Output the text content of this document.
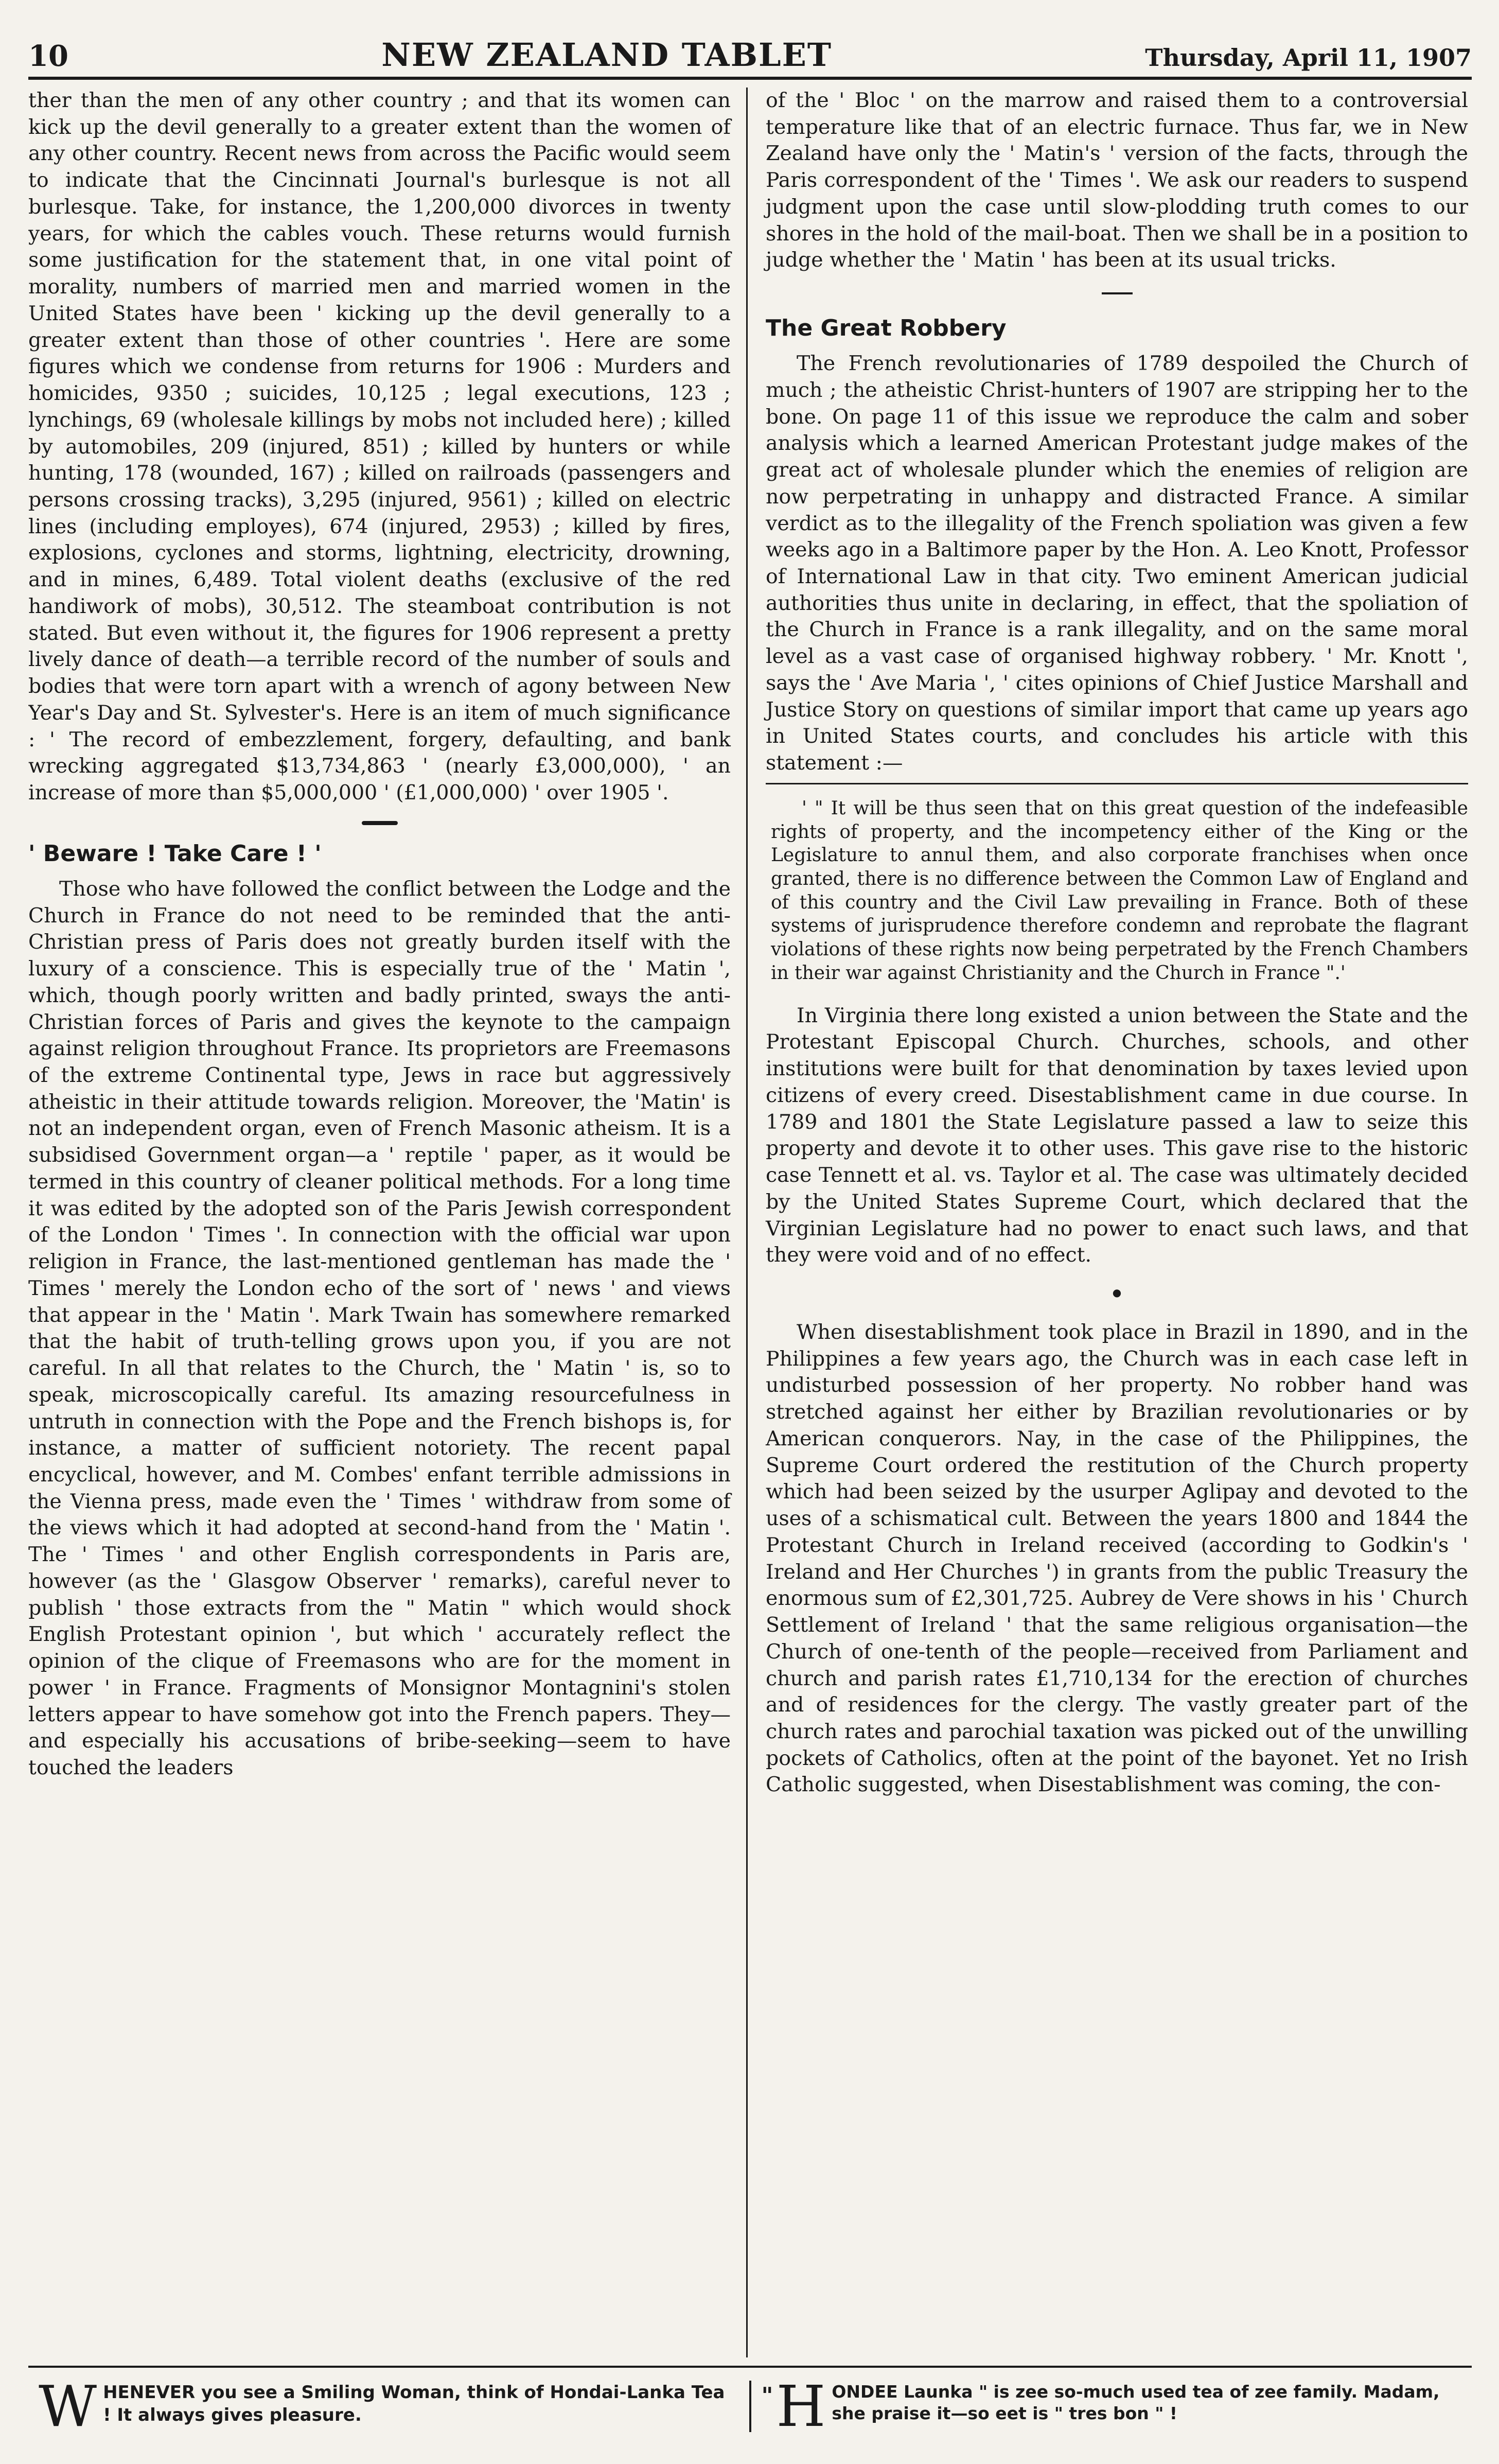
10	NEW ZEALAND TABLET	Thursday, April 11, 1907

ther than the men of any other country ; and that its women can kick up the devil generally to a greater extent than the women of any other country. Recent news from across the Pacific would seem to indicate that the Cincinnati Journal's burlesque is not all burlesque. Take, for instance, the 1,200,000 divorces in twenty years, for which the cables vouch. These returns would furnish some justification for the statement that, in one vital point of morality, numbers of married men and married women in the United States have been ' kicking up the devil generally to a greater extent than those of other countries '. Here are some figures which we condense from returns for 1906 : Murders and homicides, 9350 ; suicides, 10,125 ; legal executions, 123 ; lynchings, 69 (wholesale killings by mobs not included here) ; killed by automobiles, 209 (injured, 851) ; killed by hunters or while hunting, 178 (wounded, 167) ; killed on railroads (passengers and persons crossing tracks), 3,295 (injured, 9561) ; killed on electric lines (including employes), 674 (injured, 2953) ; killed by fires, explosions, cyclones and storms, lightning, electricity, drowning, and in mines, 6,489. Total violent deaths (exclusive of the red handiwork of mobs), 30,512. The steamboat contribution is not stated. But even without it, the figures for 1906 represent a pretty lively dance of death—a terrible record of the number of souls and bodies that were torn apart with a wrench of agony between New Year's Day and St. Sylvester's. Here is an item of much significance : ' The record of embezzlement, forgery, defaulting, and bank wrecking aggregated $13,734,863 ' (nearly £3,000,000), ' an increase of more than $5,000,000 ' (£1,000,000) ' over 1905 '.

' Beware ! Take Care ! '

Those who have followed the conflict between the Lodge and the Church in France do not need to be reminded that the anti-Christian press of Paris does not greatly burden itself with the luxury of a conscience. This is especially true of the ' Matin ', which, though poorly written and badly printed, sways the anti-Christian forces of Paris and gives the keynote to the campaign against religion throughout France. Its proprietors are Freemasons of the extreme Continental type, Jews in race but aggressively atheistic in their attitude towards religion. Moreover, the 'Matin' is not an independent organ, even of French Masonic atheism. It is a subsidised Government organ—a ' reptile ' paper, as it would be termed in this country of cleaner political methods. For a long time it was edited by the adopted son of the Paris Jewish correspondent of the London ' Times '. In connection with the official war upon religion in France, the last-mentioned gentleman has made the ' Times ' merely the London echo of the sort of ' news ' and views that appear in the ' Matin '. Mark Twain has somewhere remarked that the habit of truth-telling grows upon you, if you are not careful. In all that relates to the Church, the ' Matin ' is, so to speak, microscopically careful. Its amazing resourcefulness in untruth in connection with the Pope and the French bishops is, for instance, a matter of sufficient notoriety. The recent papal encyclical, however, and M. Combes' enfant terrible admissions in the Vienna press, made even the ' Times ' withdraw from some of the views which it had adopted at second-hand from the ' Matin '. The ' Times ' and other English correspondents in Paris are, however (as the ' Glasgow Observer ' remarks), careful never to publish ' those extracts from the " Matin " which would shock English Protestant opinion ', but which ' accurately reflect the opinion of the clique of Freemasons who are for the moment in power ' in France. Fragments of Monsignor Montagnini's stolen letters appear to have somehow got into the French papers. They—and especially his accusations of bribe-seeking—seem to have touched the leaders

of the ' Bloc ' on the marrow and raised them to a controversial temperature like that of an electric furnace. Thus far, we in New Zealand have only the ' Matin's ' version of the facts, through the Paris correspondent of the ' Times '. We ask our readers to suspend judgment upon the case until slow-plodding truth comes to our shores in the hold of the mail-boat. Then we shall be in a position to judge whether the ' Matin ' has been at its usual tricks.

The Great Robbery

The French revolutionaries of 1789 despoiled the Church of much ; the atheistic Christ-hunters of 1907 are stripping her to the bone. On page 11 of this issue we reproduce the calm and sober analysis which a learned American Protestant judge makes of the great act of wholesale plunder which the enemies of religion are now perpetrating in unhappy and distracted France. A similar verdict as to the illegality of the French spoliation was given a few weeks ago in a Baltimore paper by the Hon. A. Leo Knott, Professor of International Law in that city. Two eminent American judicial authorities thus unite in declaring, in effect, that the spoliation of the Church in France is a rank illegality, and on the same moral level as a vast case of organised highway robbery. ' Mr. Knott ', says the ' Ave Maria ', ' cites opinions of Chief Justice Marshall and Justice Story on questions of similar import that came up years ago in United States courts, and concludes his article with this statement :—

' " It will be thus seen that on this great question of the indefeasible rights of property, and the incompetency either of the King or the Legislature to annul them, and also corporate franchises when once granted, there is no difference between the Common Law of England and of this country and the Civil Law prevailing in France. Both of these systems of jurisprudence therefore condemn and reprobate the flagrant violations of these rights now being perpetrated by the French Chambers in their war against Christianity and the Church in France ".'

In Virginia there long existed a union between the State and the Protestant Episcopal Church. Churches, schools, and other institutions were built for that denomination by taxes levied upon citizens of every creed. Disestablishment came in due course. In 1789 and 1801 the State Legislature passed a law to seize this property and devote it to other uses. This gave rise to the historic case Tennett et al. vs. Taylor et al. The case was ultimately decided by the United States Supreme Court, which declared that the Virginian Legislature had no power to enact such laws, and that they were void and of no effect.

●

When disestablishment took place in Brazil in 1890, and in the Philippines a few years ago, the Church was in each case left in undisturbed possession of her property. No robber hand was stretched against her either by Brazilian revolutionaries or by American conquerors. Nay, in the case of the Philippines, the Supreme Court ordered the restitution of the Church property which had been seized by the usurper Aglipay and devoted to the uses of a schismatical cult. Between the years 1800 and 1844 the Protestant Church in Ireland received (according to Godkin's ' Ireland and Her Churches ') in grants from the public Treasury the enormous sum of £2,301,725. Aubrey de Vere shows in his ' Church Settlement of Ireland ' that the same religious organisation—the Church of one-tenth of the people—received from Parliament and church and parish rates £1,710,134 for the erection of churches and of residences for the clergy. The vastly greater part of the church rates and parochial taxation was picked out of the unwilling pockets of Catholics, often at the point of the bayonet. Yet no Irish Catholic suggested, when Disestablishment was coming, the con-

W HENEVER you see a Smiling Woman, think of Hondai-Lanka Tea ! It always gives pleasure.
" H ONDEE Launka " is zee so-much used tea of zee family. Madam, she praise it—so eet is " tres bon " !
